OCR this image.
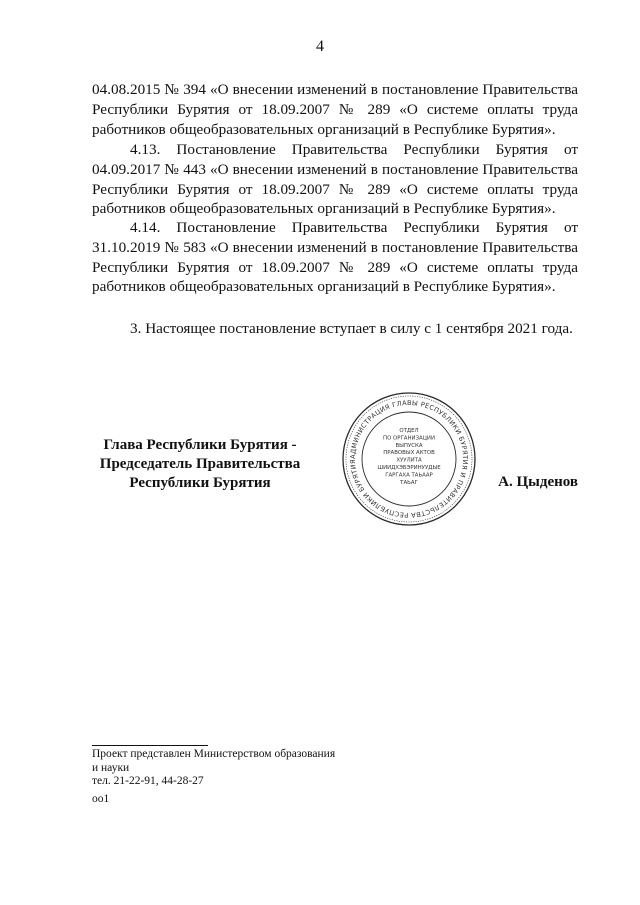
4

04.08.2015 № 394 «О внесении изменений в постановление Правительства Республики Бурятия от 18.09.2007 № 289 «О системе оплаты труда работников общеобразовательных организаций в Республике Бурятия».

4.13. Постановление Правительства Республики Бурятия от 04.09.2017 № 443 «О внесении изменений в постановление Правительства Республики Бурятия от 18.09.2007 № 289 «О системе оплаты труда работников общеобразовательных организаций в Республике Бурятия».

4.14. Постановление Правительства Республики Бурятия от 31.10.2019 № 583 «О внесении изменений в постановление Правительства Республики Бурятия от 18.09.2007 № 289 «О системе оплаты труда работников общеобразовательных организаций в Республике Бурятия».

3. Настоящее постановление вступает в силу с 1 сентября 2021 года.
Глава Республики Бурятия -
Председатель Правительства
Республики Бурятия
АДМИНИСТРАЦИЯ ГЛАВЫ РЕСПУБЛИКИ БУРЯТИЯ И ПРАВИТЕЛЬСТВА РЕСПУБЛИКИ БУРЯТИЯ
ОТДЕЛ
ПО ОРГАНИЗАЦИИ
ВЫПУСКА
ПРАВОВЫХ АКТОВ
ХУУЛИТА
ШИИДХЭБЭРИНУУДЫЕ
ГАРГАХА ТАЬААР
ТАЬАГ	А. Цыденов
Проект представлен Министерством образования
и науки
тел. 21-22-91, 44-28-27
оо1
